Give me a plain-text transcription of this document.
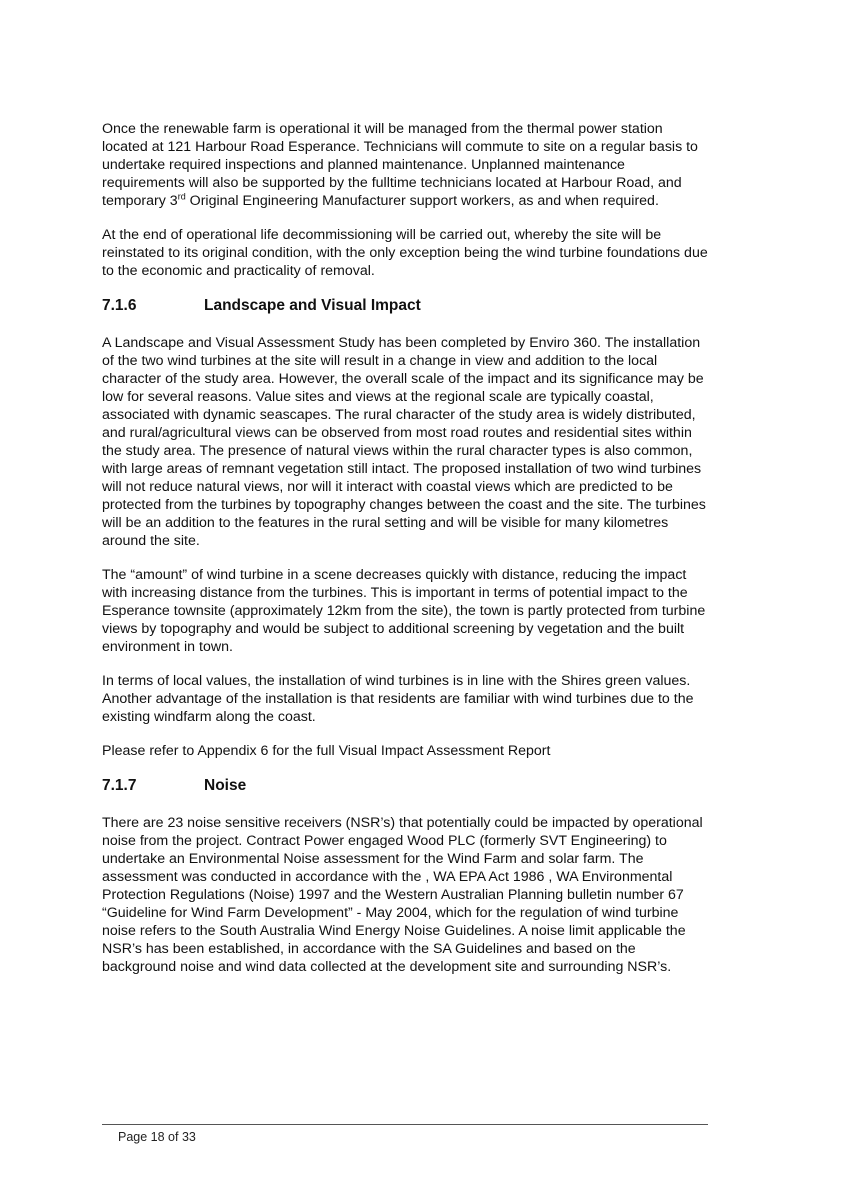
Once the renewable farm is operational it will be managed from the thermal power station located at 121 Harbour Road Esperance. Technicians will commute to site on a regular basis to undertake required inspections and planned maintenance. Unplanned maintenance requirements will also be supported by the fulltime technicians located at Harbour Road, and temporary 3rd Original Engineering Manufacturer support workers, as and when required.

At the end of operational life decommissioning will be carried out, whereby the site will be reinstated to its original condition, with the only exception being the wind turbine foundations due to the economic and practicality of removal.

7.1.6	Landscape and Visual Impact

A Landscape and Visual Assessment Study has been completed by Enviro 360. The installation of the two wind turbines at the site will result in a change in view and addition to the local character of the study area. However, the overall scale of the impact and its significance may be low for several reasons. Value sites and views at the regional scale are typically coastal, associated with dynamic seascapes. The rural character of the study area is widely distributed, and rural/agricultural views can be observed from most road routes and residential sites within the study area. The presence of natural views within the rural character types is also common, with large areas of remnant vegetation still intact. The proposed installation of two wind turbines will not reduce natural views, nor will it interact with coastal views which are predicted to be protected from the turbines by topography changes between the coast and the site. The turbines will be an addition to the features in the rural setting and will be visible for many kilometres around the site.

The “amount” of wind turbine in a scene decreases quickly with distance, reducing the impact with increasing distance from the turbines. This is important in terms of potential impact to the Esperance townsite (approximately 12km from the site), the town is partly protected from turbine views by topography and would be subject to additional screening by vegetation and the built environment in town.

In terms of local values, the installation of wind turbines is in line with the Shires green values. Another advantage of the installation is that residents are familiar with wind turbines due to the existing windfarm along the coast.

Please refer to Appendix 6 for the full Visual Impact Assessment Report

7.1.7	Noise

There are 23 noise sensitive receivers (NSR’s) that potentially could be impacted by operational noise from the project. Contract Power engaged Wood PLC (formerly SVT Engineering) to undertake an Environmental Noise assessment for the Wind Farm and solar farm. The assessment was conducted in accordance with the , WA EPA Act 1986 , WA Environmental Protection Regulations (Noise) 1997 and the Western Australian Planning bulletin number 67 “Guideline for Wind Farm Development” - May 2004, which for the regulation of wind turbine noise refers to the South Australia Wind Energy Noise Guidelines. A noise limit applicable the NSR’s has been established, in accordance with the SA Guidelines and based on the background noise and wind data collected at the development site and surrounding NSR’s.

Page 18 of 33
